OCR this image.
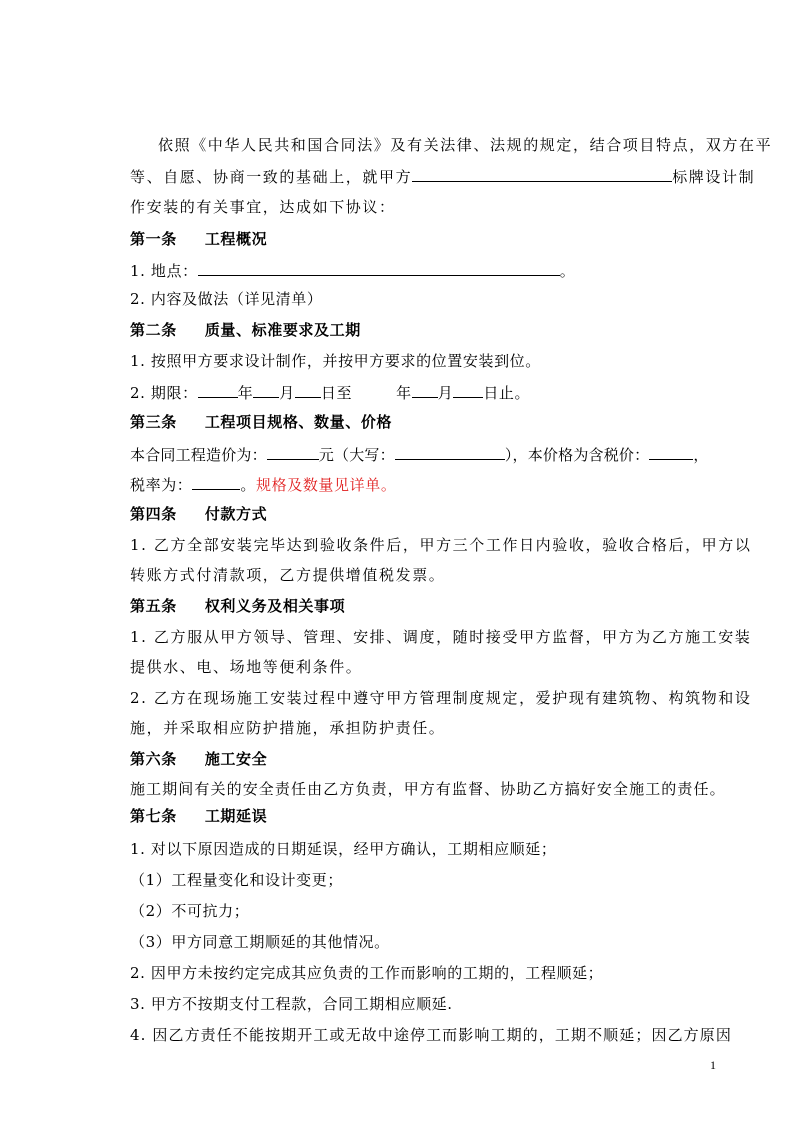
依照《中华人民共和国合同法》及有关法律、法规的规定，结合项目特点，双方在平
等、自愿、协商一致的基础上，就甲方	标牌设计制
作安装的有关事宜，达成如下协议：
第一条 工程概况
1. 地点：	。
2. 内容及做法（详见清单）
第二条 质量、标准要求及工期
1. 按照甲方要求设计制作，并按甲方要求的位置安装到位。
2. 期限：	年 月 日至	年 月 日止。
第三条 工程项目规格、数量、价格
本合同工程造价为：	元（大写：	），本价格为含税价：	，
税率为：	。规格及数量见详单。
第四条 付款方式
1. 乙方全部安装完毕达到验收条件后，甲方三个工作日内验收，验收合格后，甲方以
转账方式付清款项，乙方提供增值税发票。
第五条 权利义务及相关事项
1. 乙方服从甲方领导、管理、安排、调度，随时接受甲方监督，甲方为乙方施工安装
提供水、电、场地等便利条件。
2. 乙方在现场施工安装过程中遵守甲方管理制度规定，爱护现有建筑物、构筑物和设
施，并采取相应防护措施，承担防护责任。
第六条 施工安全
施工期间有关的安全责任由乙方负责，甲方有监督、协助乙方搞好安全施工的责任。
第七条 工期延误
1. 对以下原因造成的日期延误，经甲方确认，工期相应顺延；
（1）工程量变化和设计变更；
（2）不可抗力；
（3）甲方同意工期顺延的其他情况。
2. 因甲方未按约定完成其应负责的工作而影响的工期的，工程顺延；
3. 甲方不按期支付工程款，合同工期相应顺延.
4. 因乙方责任不能按期开工或无故中途停工而影响工期的，工期不顺延；因乙方原因
1
